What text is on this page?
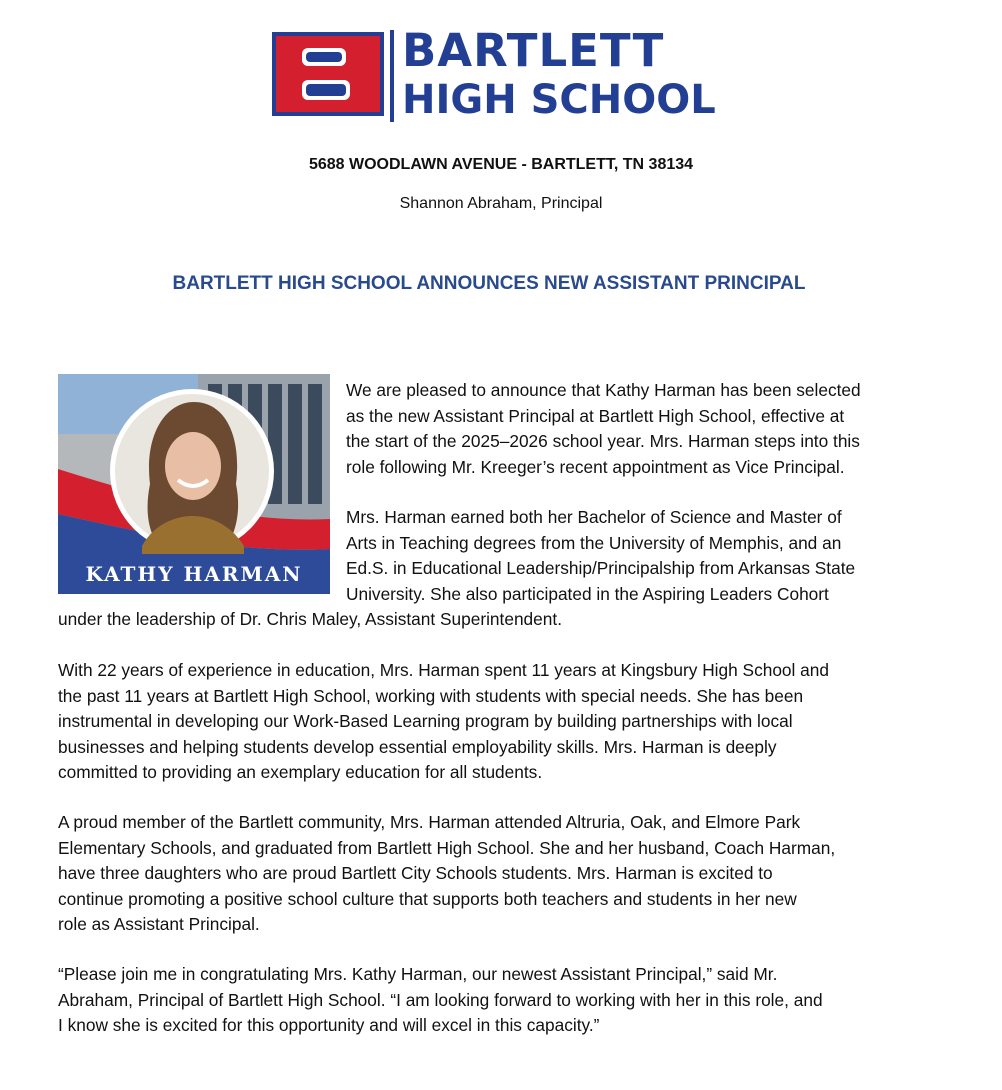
BARTLETT
HIGH SCHOOL
5688 WOODLAWN AVENUE - BARTLETT, TN 38134
Shannon Abraham, Principal
BARTLETT HIGH SCHOOL ANNOUNCES NEW ASSISTANT PRINCIPAL
KATHY HARMAN
We are pleased to announce that Kathy Harman has been selected
as the new Assistant Principal at Bartlett High School, effective at
the start of the 2025–2026 school year. Mrs. Harman steps into this
role following Mr. Kreeger’s recent appointment as Vice Principal.
Mrs. Harman earned both her Bachelor of Science and Master of
Arts in Teaching degrees from the University of Memphis, and an
Ed.S. in Educational Leadership/Principalship from Arkansas State
University. She also participated in the Aspiring Leaders Cohort
under the leadership of Dr. Chris Maley, Assistant Superintendent.
With 22 years of experience in education, Mrs. Harman spent 11 years at Kingsbury High School and
the past 11 years at Bartlett High School, working with students with special needs. She has been
instrumental in developing our Work-Based Learning program by building partnerships with local
businesses and helping students develop essential employability skills. Mrs. Harman is deeply
committed to providing an exemplary education for all students.
A proud member of the Bartlett community, Mrs. Harman attended Altruria, Oak, and Elmore Park
Elementary Schools, and graduated from Bartlett High School. She and her husband, Coach Harman,
have three daughters who are proud Bartlett City Schools students. Mrs. Harman is excited to
continue promoting a positive school culture that supports both teachers and students in her new
role as Assistant Principal.
“Please join me in congratulating Mrs. Kathy Harman, our newest Assistant Principal,” said Mr.
Abraham, Principal of Bartlett High School. “I am looking forward to working with her in this role, and
I know she is excited for this opportunity and will excel in this capacity.”
